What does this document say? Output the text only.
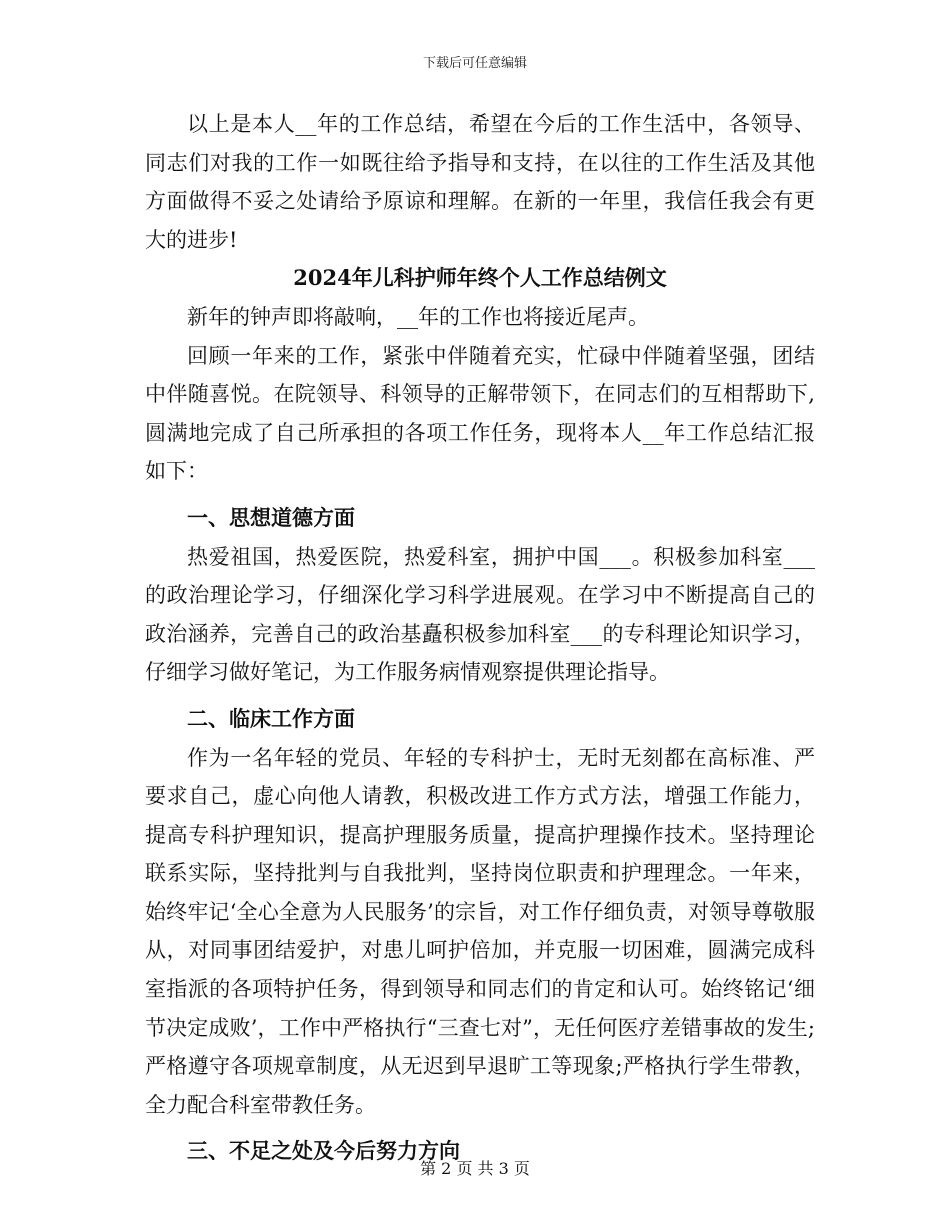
下载后可任意编辑

以上是本人__年的工作总结，希望在今后的工作生活中，各领导、同志们对我的工作一如既往给予指导和支持，在以往的工作生活及其他方面做得不妥之处请给予原谅和理解。在新的一年里，我信任我会有更大的进步!

2024年儿科护师年终个人工作总结例文

新年的钟声即将敲响，__年的工作也将接近尾声。

回顾一年来的工作，紧张中伴随着充实，忙碌中伴随着坚强，团结中伴随喜悦。在院领导、科领导的正解带领下，在同志们的互相帮助下,圆满地完成了自己所承担的各项工作任务，现将本人__年工作总结汇报如下：

一、思想道德方面

热爱祖国，热爱医院，热爱科室，拥护中国___。积极参加科室___的政治理论学习，仔细深化学习科学进展观。在学习中不断提高自己的政治涵养，完善自己的政治基矗积极参加科室___的专科理论知识学习，仔细学习做好笔记，为工作服务病情观察提供理论指导。

二、临床工作方面

作为一名年轻的党员、年轻的专科护士，无时无刻都在高标准、严要求自己，虚心向他人请教，积极改进工作方式方法，增强工作能力，提高专科护理知识，提高护理服务质量，提高护理操作技术。坚持理论联系实际，坚持批判与自我批判，坚持岗位职责和护理理念。一年来，始终牢记‘全心全意为人民服务’的宗旨，对工作仔细负责，对领导尊敬服从，对同事团结爱护，对患儿呵护倍加，并克服一切困难，圆满完成科室指派的各项特护任务，得到领导和同志们的肯定和认可。始终铭记‘细节决定成败’，工作中严格执行“三查七对”，无任何医疗差错事故的发生;严格遵守各项规章制度，从无迟到早退旷工等现象;严格执行学生带教，全力配合科室带教任务。

三、不足之处及今后努力方向

第 2 页 共 3 页
